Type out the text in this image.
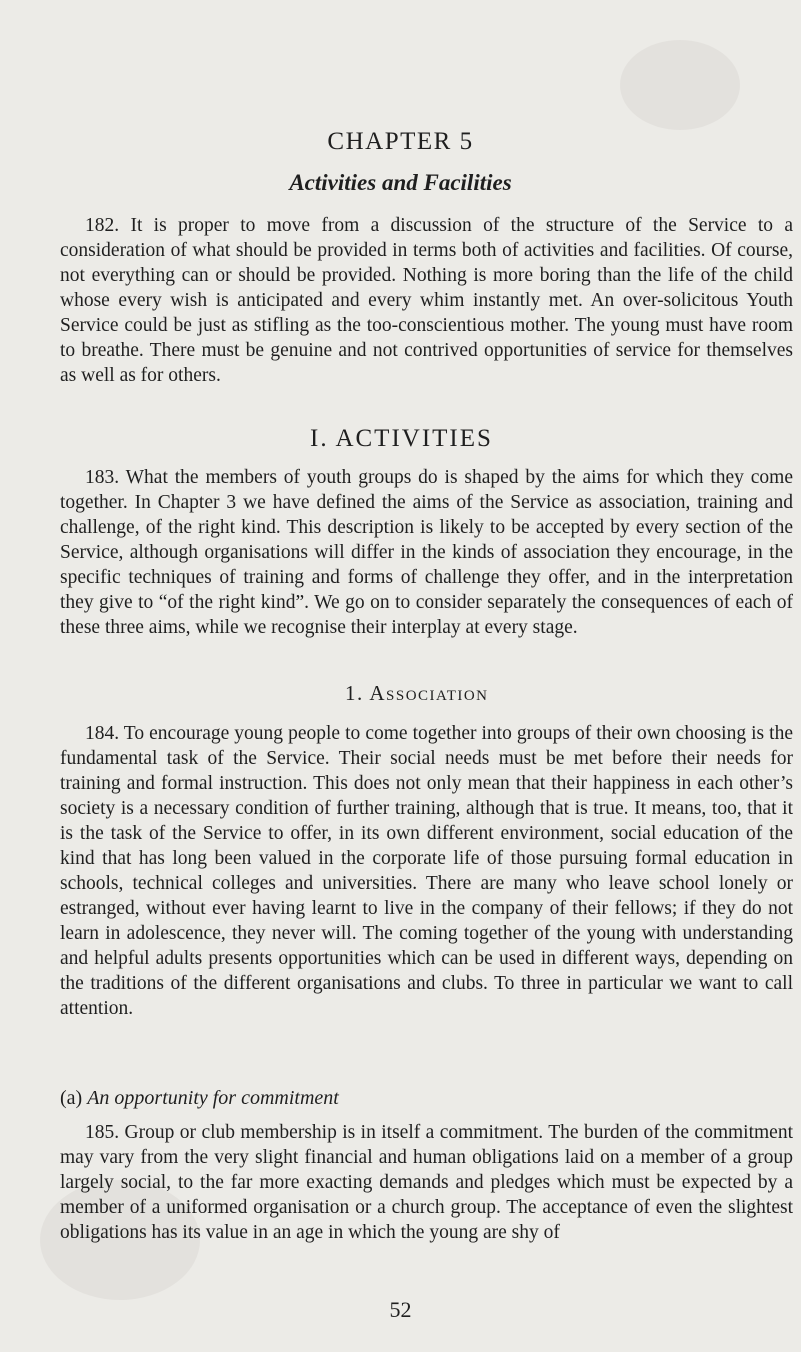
CHAPTER 5
Activities and Facilities

182. It is proper to move from a discussion of the structure of the Service to a consideration of what should be provided in terms both of activities and facilities. Of course, not everything can or should be provided. Nothing is more boring than the life of the child whose every wish is anticipated and every whim instantly met. An over-solicitous Youth Service could be just as stifling as the too-conscientious mother. The young must have room to breathe. There must be genuine and not contrived opportunities of service for themselves as well as for others.

I. ACTIVITIES

183. What the members of youth groups do is shaped by the aims for which they come together. In Chapter 3 we have defined the aims of the Service as association, training and challenge, of the right kind. This description is likely to be accepted by every section of the Service, although organisations will differ in the kinds of association they encourage, in the specific techniques of training and forms of challenge they offer, and in the interpretation they give to “of the right kind”. We go on to consider separately the consequences of each of these three aims, while we recognise their interplay at every stage.

1. Association

184. To encourage young people to come together into groups of their own choosing is the fundamental task of the Service. Their social needs must be met before their needs for training and formal instruction. This does not only mean that their happiness in each other’s society is a necessary condition of further training, although that is true. It means, too, that it is the task of the Service to offer, in its own different environment, social education of the kind that has long been valued in the corporate life of those pursuing formal education in schools, technical colleges and universities. There are many who leave school lonely or estranged, without ever having learnt to live in the company of their fellows; if they do not learn in adolescence, they never will. The coming together of the young with understanding and helpful adults presents opportunities which can be used in different ways, depending on the traditions of the different organisations and clubs. To three in particular we want to call attention.

(a) An opportunity for commitment

185. Group or club membership is in itself a commitment. The burden of the commitment may vary from the very slight financial and human obligations laid on a member of a group largely social, to the far more exacting demands and pledges which must be expected by a member of a uniformed organisation or a church group. The acceptance of even the slightest obligations has its value in an age in which the young are shy of

52
